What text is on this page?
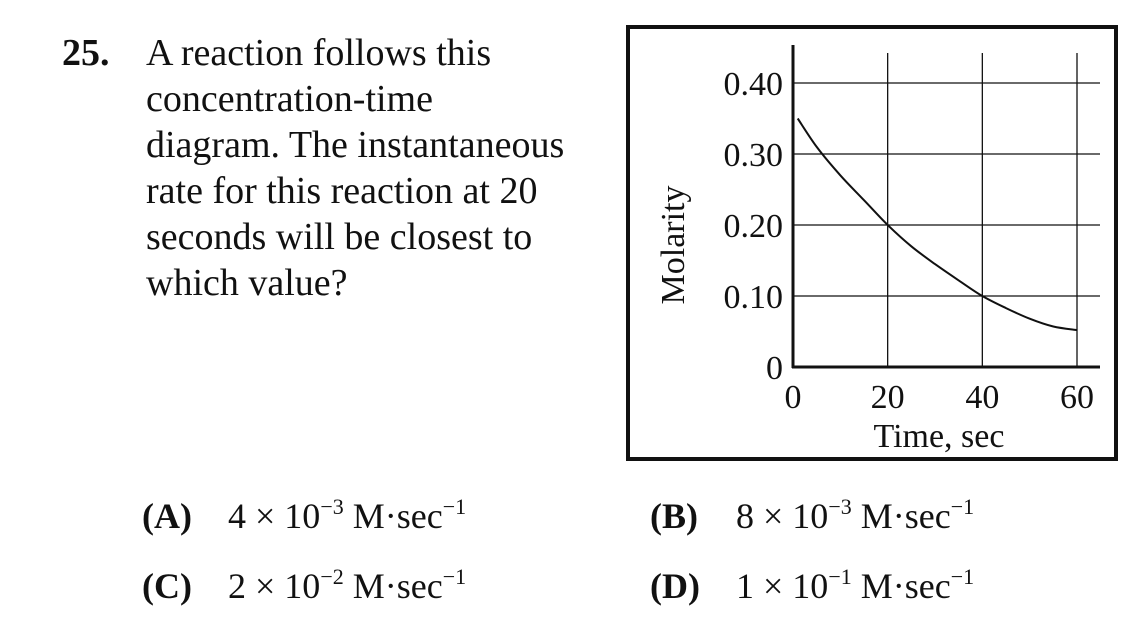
25. A reaction follows this
concentration-time
diagram. The instantaneous
rate for this reaction at 20
seconds will be closest to
which value?
0
0.10
0.20
0.30
0.40
0 20 40 60
Time, sec
Molarity
(A) $4 \times 10^{-3}$ $M\cdot\sec^{-1}$	(B) $8 \times 10^{-3}$ $M\cdot\sec^{-1}$
(C) $2 \times 10^{-2}$ $M\cdot\sec^{-1}$	(D) $1 \times 10^{-1}$ $M\cdot\sec^{-1}$
